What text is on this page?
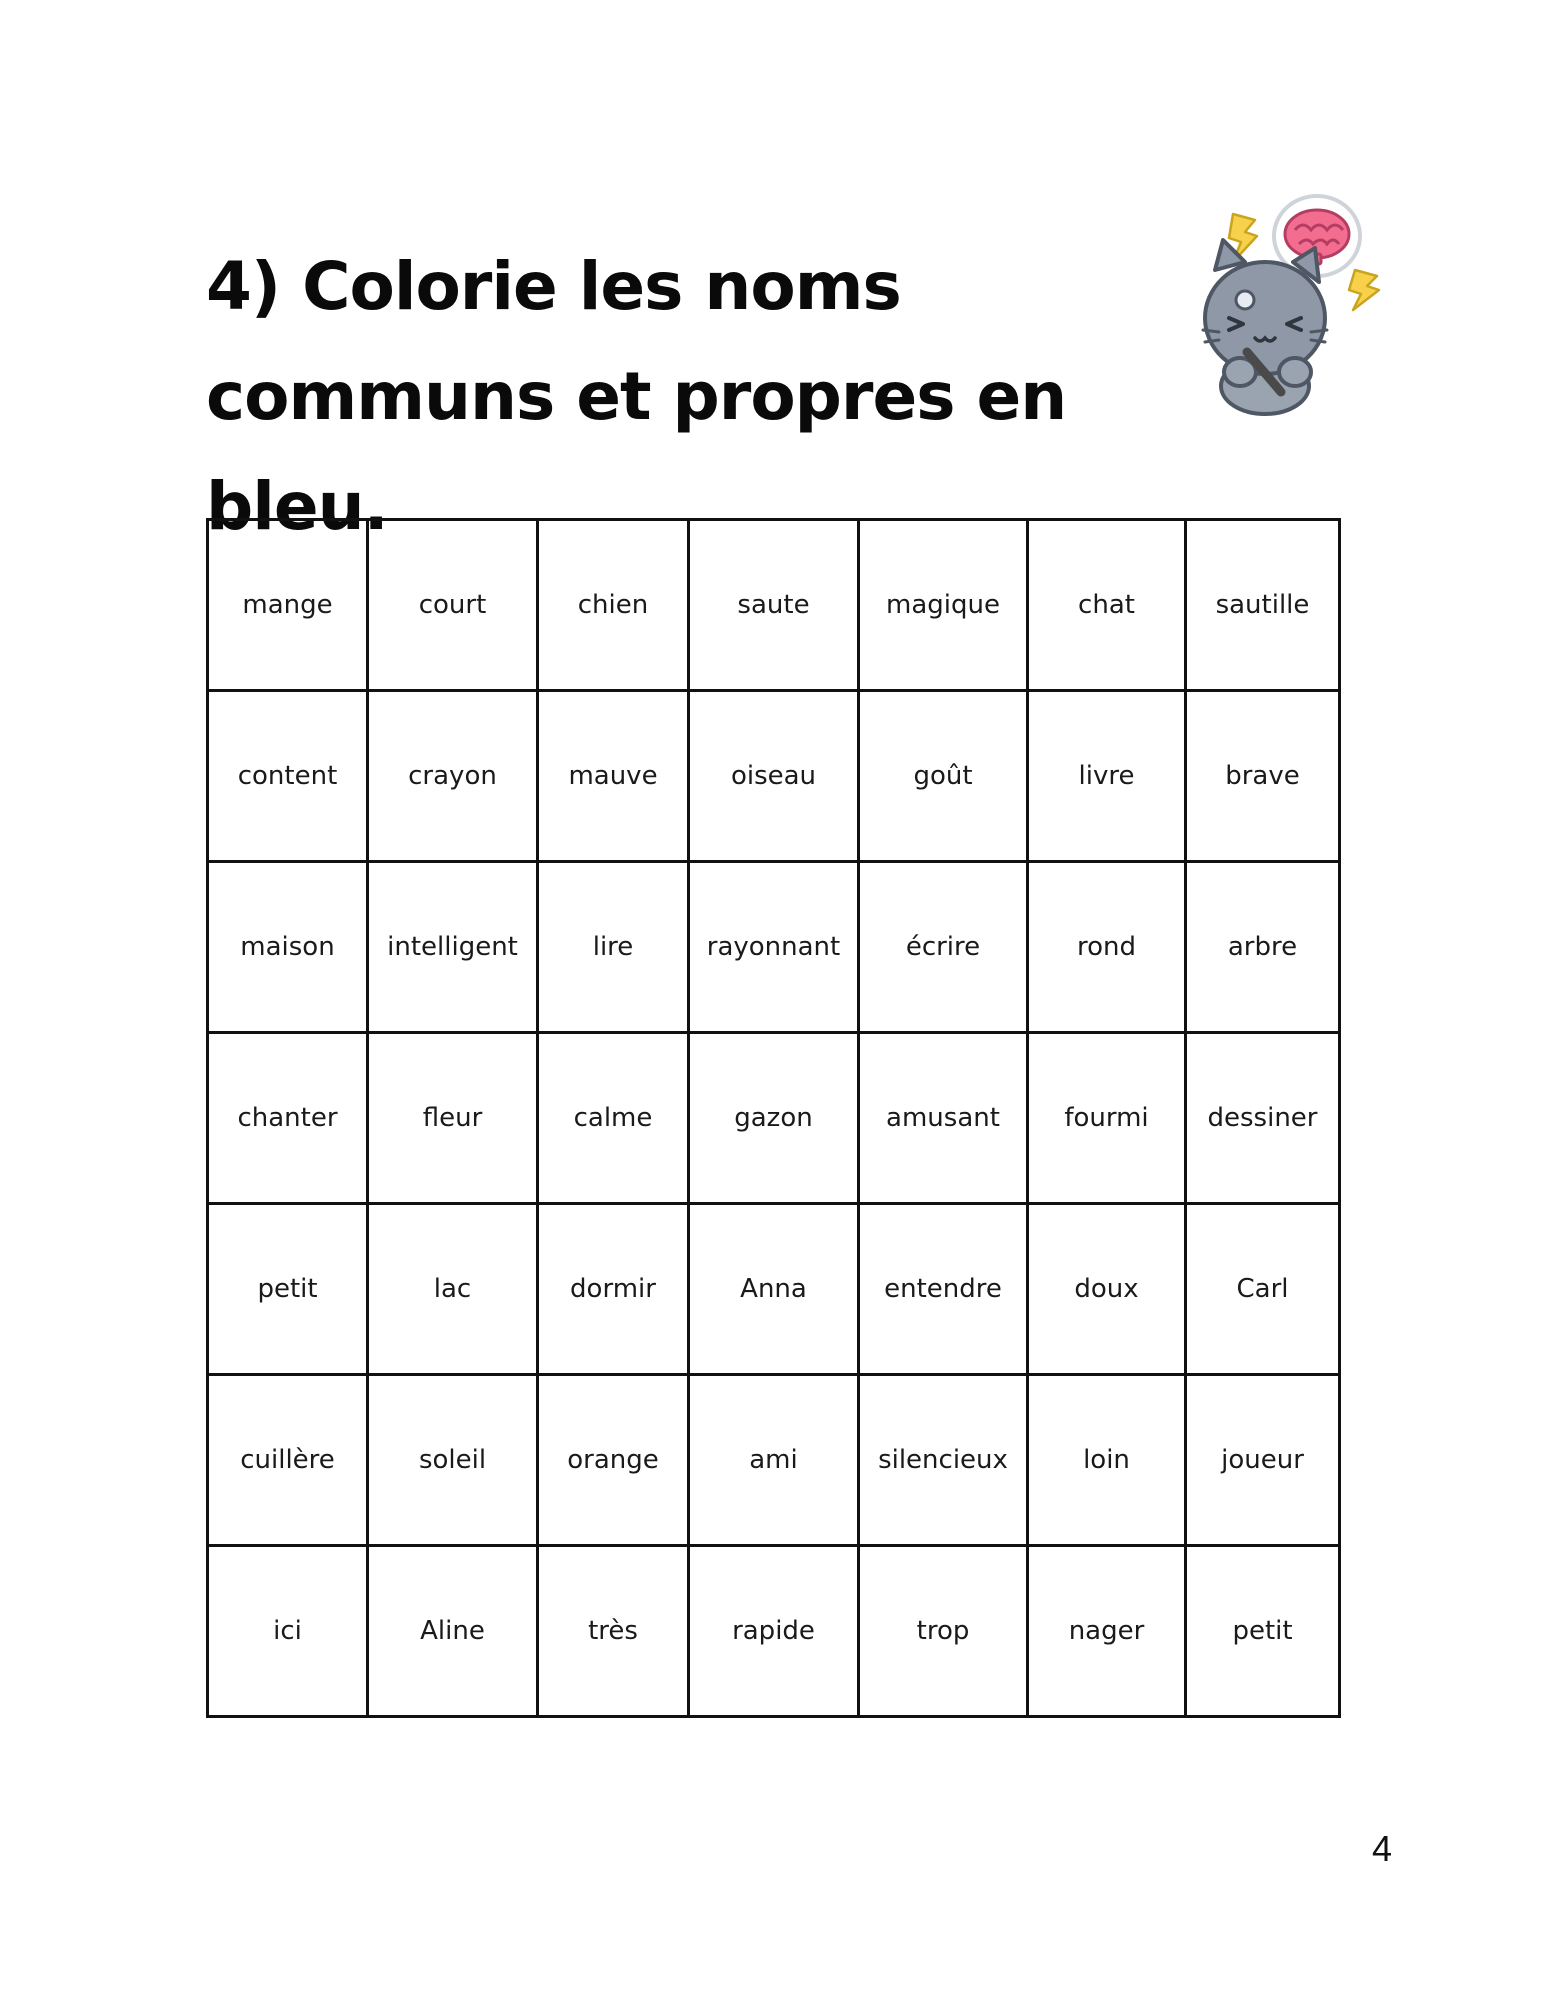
4) Colorie les noms communs et propres en bleu.
mange	court	chien	saute	magique	chat	sautille
content	crayon	mauve	oiseau	goût	livre	brave
maison	intelligent	lire	rayonnant	écrire	rond	arbre
chanter	fleur	calme	gazon	amusant	fourmi	dessiner
petit	lac	dormir	Anna	entendre	doux	Carl
cuillère	soleil	orange	ami	silencieux	loin	joueur
ici	Aline	très	rapide	trop	nager	petit
4
